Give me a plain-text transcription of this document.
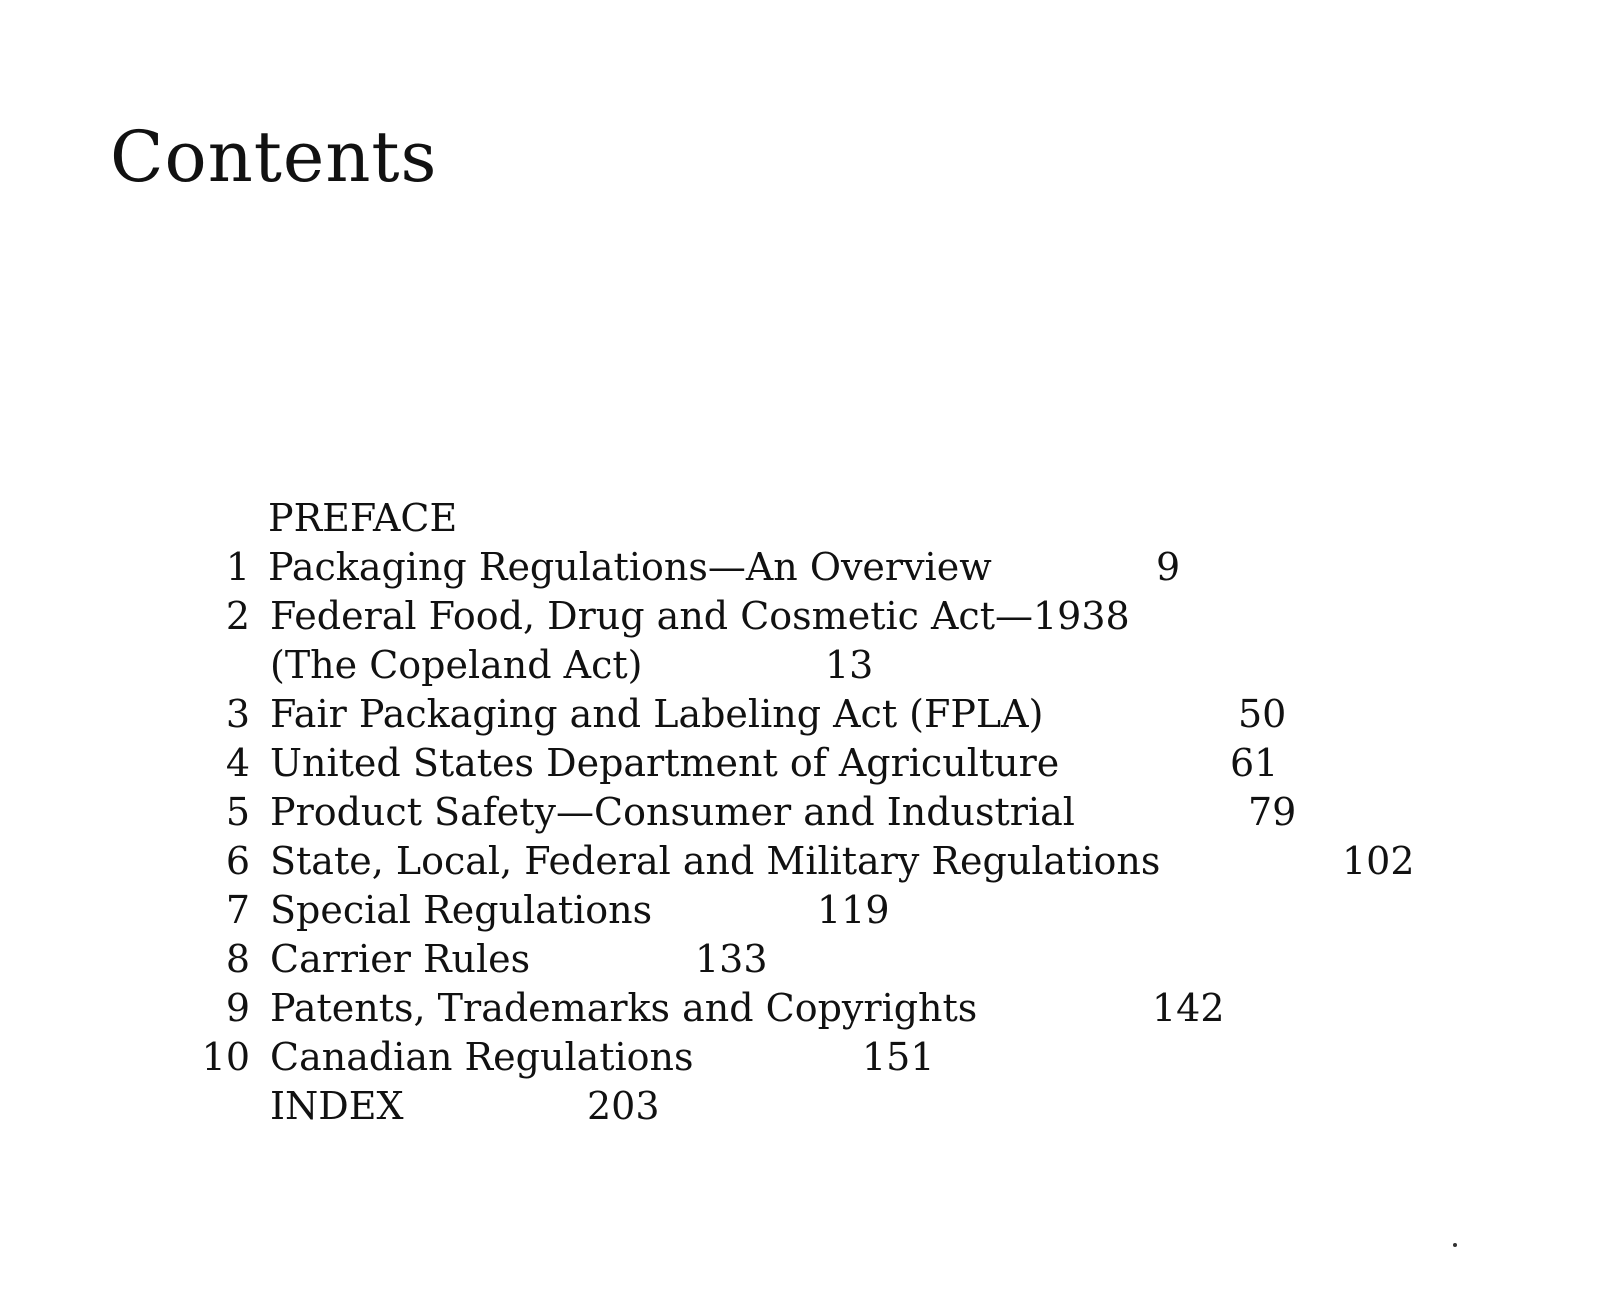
Contents
PREFACE
1 Packaging Regulations—An Overview	9
2 Federal Food, Drug and Cosmetic Act—1938
(The Copeland Act)	13
3 Fair Packaging and Labeling Act (FPLA)	50
4 United States Department of Agriculture	61
5 Product Safety—Consumer and Industrial	79
6 State, Local, Federal and Military Regulations	102
7 Special Regulations	119
8 Carrier Rules	133
9 Patents, Trademarks and Copyrights	142
10 Canadian Regulations	151
INDEX	203
